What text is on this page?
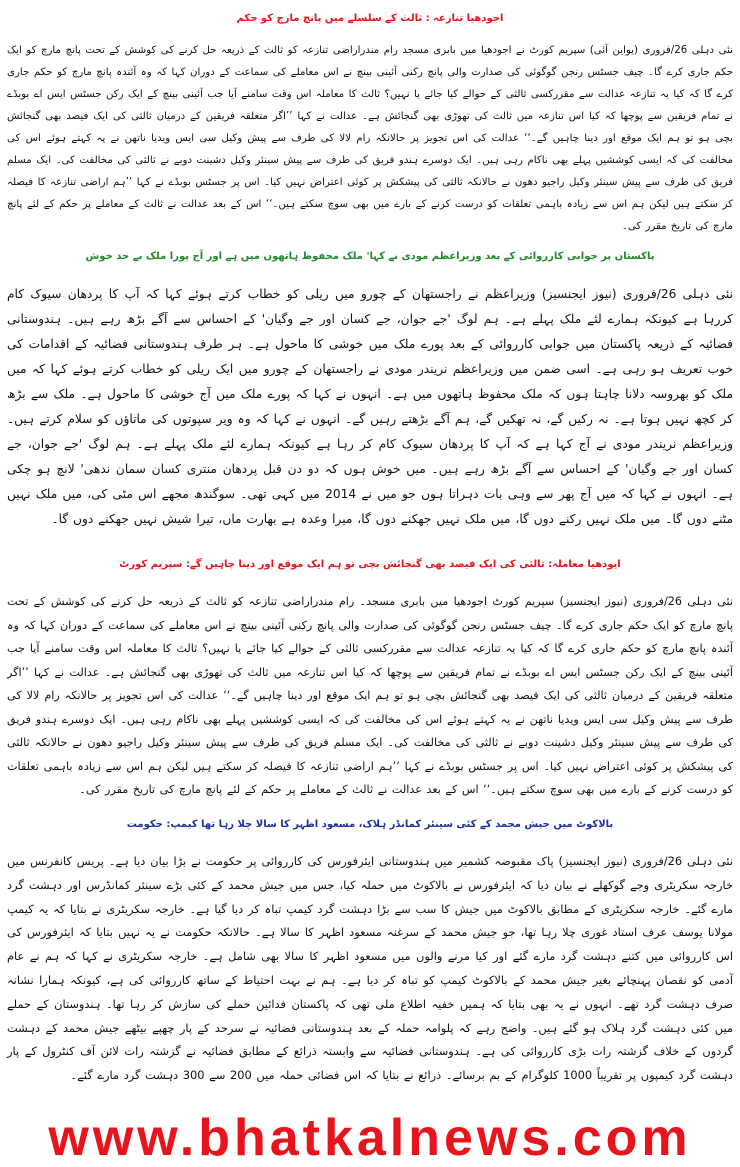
اجودھیا تنازعہ : ثالث کے سلسلے میں پانچ مارچ کو حکم

نئی دہلی 26/فروری (یواین آئی) سپریم کورٹ نے اجودھیا میں بابری مسجد رام مندراراضی تنازعہ کو ثالث کے ذریعہ حل کرنے کی کوشش کے تحت پانچ مارچ کو ایک حکم جاری کرے گا۔ چیف جسٹس رنجن گوگوئی کی صدارت والی پانچ رکنی آئینی بینچ نے اس معاملے کی سماعت کے دوران کہا کہ وہ آئندہ پانچ مارچ کو حکم جاری کرے گا کہ کیا یہ تنازعہ عدالت سے مقررکسی ثالثی کے حوالے کیا جائے یا نہیں؟ ثالث کا معاملہ اس وقت سامنے آیا جب آئینی بینچ کے ایک رکن جسٹس ایس اے بوبڈے نے تمام فریقین سے پوچھا کہ کیا اس تنازعہ میں ثالث کی تھوڑی بھی گنجائش ہے۔ عدالت نے کہا ’’اگر متعلقہ فریقین کے درمیان ثالثی کی ایک فیصد بھی گنجائش بچی ہو تو ہم ایک موقع اور دینا چاہیں گے۔‘‘ عدالت کی اس تجویز پر حالانکہ رام لالا کی طرف سے پیش وکیل سی ایس ویدیا ناتھن نے یہ کہتے ہوئے اس کی مخالفت کی کہ ایسی کوششیں پہلے بھی ناکام رہی ہیں۔ ایک دوسرے ہندو فریق کی طرف سے پیش سینئر وکیل دشینت دوبے نے ثالثی کی مخالفت کی۔ ایک مسلم فریق کی طرف سے پیش سینئر وکیل راجیو دھون نے حالانکہ ثالثی کی پیشکش پر کوئی اعتراض نہیں کیا۔ اس پر جسٹس بوبڈے نے کہا ’’ہم اراضی تنازعہ کا فیصلہ کر سکتے ہیں لیکن ہم اس سے زیادہ باہمی تعلقات کو درست کرنے کے بارے میں بھی سوچ سکتے ہیں۔‘‘ اس کے بعد عدالت نے ثالث کے معاملے پر حکم کے لئے پانچ مارچ کی تاریخ مقرر کی۔

پاکستان پر جوابی کارروائی کے بعد وزیراعظم مودی نے کہا' ملک محفوظ ہاتھوں میں ہے اور آج پورا ملک بے حد خوش

نئی دہلی 26/فروری (نیوز ایجنسیز) وزیراعظم نے راجستھان کے چورو میں ریلی کو خطاب کرتے ہوئے کہا کہ آپ کا پردھان سیوک کام کررہا ہے کیونکہ ہمارے لئے ملک پہلے ہے۔ ہم لوگ 'جے جوان، جے کسان اور جے وگیان' کے احساس سے آگے بڑھ رہے ہیں۔ ہندوستانی فضائیہ کے ذریعہ پاکستان میں جوابی کارروائی کے بعد پورے ملک میں خوشی کا ماحول ہے۔ ہر طرف ہندوستانی فضائیہ کے اقدامات کی خوب تعریف ہو رہی ہے۔ اسی ضمن میں وزیراعظم نریندر مودی نے راجستھان کے چورو میں ایک ریلی کو خطاب کرتے ہوئے کہا کہ میں ملک کو بھروسہ دلانا چاہتا ہوں کہ ملک محفوظ ہاتھوں میں ہے۔ انہوں نے کہا کہ پورے ملک میں آج خوشی کا ماحول ہے۔ ملک سے بڑھ کر کچھ نہیں ہوتا ہے۔ نہ رکیں گے، نہ تھکیں گے، ہم آگے بڑھتے رہیں گے۔ انہوں نے کہا کہ وہ ویر سپوتوں کی ماتاؤں کو سلام کرتے ہیں۔ وزیراعظم نریندر مودی نے آج کہا ہے کہ آپ کا پردھان سیوک کام کر رہا ہے کیونکہ ہمارے لئے ملک پہلے ہے۔ ہم لوگ 'جے جوان، جے کسان اور جے وگیان' کے احساس سے آگے بڑھ رہے ہیں۔ میں خوش ہوں کہ دو دن قبل پردھان منتری کسان سمان ندھی' لانچ ہو چکی ہے۔ انہوں نے کہا کہ میں آج پھر سے وہی بات دہراتا ہوں جو میں نے 2014 میں کہی تھی۔ سوگندھ مجھے اس مٹی کی، میں ملک نہیں مٹنے دوں گا۔ میں ملک نہیں رکنے دوں گا، میں ملک نہیں جھکنے دوں گا، میرا وعدہ ہے بھارت ماں، تیرا شیش نہیں جھکنے دوں گا۔

ایودھیا معاملہ: ثالثی کی ایک فیصد بھی گنجائش بچی تو ہم ایک موقع اور دینا چاہیں گے: سپریم کورٹ

نئی دہلی 26/فروری (نیوز ایجنسیز) سپریم کورٹ اجودھیا میں بابری مسجد۔ رام مندراراضی تنازعہ کو ثالث کے ذریعہ حل کرنے کی کوشش کے تحت پانچ مارچ کو ایک حکم جاری کرے گا۔ چیف جسٹس رنجن گوگوئی کی صدارت والی پانچ رکنی آئینی بینچ نے اس معاملے کی سماعت کے دوران کہا کہ وہ آئندہ پانچ مارچ کو حکم جاری کرے گا کہ کیا یہ تنازعہ عدالت سے مقررکسی ثالثی کے حوالے کیا جائے یا نہیں؟ ثالث کا معاملہ اس وقت سامنے آیا جب آئینی بینچ کے ایک رکن جسٹس ایس اے بوبڈے نے تمام فریقین سے پوچھا کہ کیا اس تنازعہ میں ثالث کی تھوڑی بھی گنجائش ہے۔ عدالت نے کہا ’’اگر متعلقہ فریقین کے درمیان ثالثی کی ایک فیصد بھی گنجائش بچی ہو تو ہم ایک موقع اور دینا چاہیں گے۔‘‘ عدالت کی اس تجویز پر حالانکہ رام لالا کی طرف سے پیش وکیل سی ایس ویدیا ناتھن نے یہ کہتے ہوئے اس کی مخالفت کی کہ ایسی کوششیں پہلے بھی ناکام رہی ہیں۔ ایک دوسرے ہندو فریق کی طرف سے پیش سینئر وکیل دشینت دوبے نے ثالثی کی مخالفت کی۔ ایک مسلم فریق کی طرف سے پیش سینئر وکیل راجیو دھون نے حالانکہ ثالثی کی پیشکش پر کوئی اعتراض نہیں کیا۔ اس پر جسٹس بوبڈے نے کہا ’’ہم اراضی تنازعہ کا فیصلہ کر سکتے ہیں لیکن ہم اس سے زیادہ باہمی تعلقات کو درست کرنے کے بارے میں بھی سوچ سکتے ہیں۔‘‘ اس کے بعد عدالت نے ثالث کے معاملے پر حکم کے لئے پانچ مارچ کی تاریخ مقرر کی۔

بالاکوٹ میں جیش محمد کے کئی سینئر کمانڈر ہلاک، مسعود اظہر کا سالا چلا رہا تھا کیمپ: حکومت

نئی دہلی 26/فروری (نیوز ایجنسیز) پاک مقبوضہ کشمیر میں ہندوستانی ایئرفورس کی کارروائی پر حکومت نے بڑا بیان دیا ہے۔ پریس کانفرنس میں خارجہ سکریٹری وجے گوکھلے نے بیان دیا کہ ایئرفورس نے بالاکوٹ میں حملہ کیا، جس میں جیش محمد کے کئی بڑے سینئر کمانڈرس اور دہشت گرد مارے گئے۔ خارجہ سکریٹری کے مطابق بالاکوٹ میں جیش کا سب سے بڑا دہشت گرد کیمپ تباہ کر دیا گیا ہے۔ خارجہ سکریٹری نے بتایا کہ یہ کیمپ مولانا یوسف عرف استاد غوری چلا رہا تھا، جو جیش محمد کے سرغنہ مسعود اظہر کا سالا ہے۔ حالانکہ حکومت نے یہ نہیں بتایا کہ ایئرفورس کی اس کارروائی میں کتنے دہشت گرد مارے گئے اور کیا مرنے والوں میں مسعود اظہر کا سالا بھی شامل ہے۔ خارجہ سکریٹری نے کہا کہ ہم نے عام آدمی کو نقصان پہنچائے بغیر جیش محمد کے بالاکوٹ کیمپ کو تباہ کر دیا ہے۔ ہم نے بہت احتیاط کے ساتھ کارروائی کی ہے، کیونکہ ہمارا نشانہ صرف دہشت گرد تھے۔ انہوں نے یہ بھی بتایا کہ ہمیں خفیہ اطلاع ملی تھی کہ پاکستان فدائین حملے کی سازش کر رہا تھا۔ ہندوستان کے حملے میں کئی دہشت گرد ہلاک ہو گئے ہیں۔ واضح رہے کہ پلوامہ حملہ کے بعد ہندوستانی فضائیہ نے سرحد کے پار چھپے بیٹھے جیش محمد کے دہشت گردوں کے خلاف گزشتہ رات بڑی کارروائی کی ہے۔ ہندوستانی فضائیہ سے وابستہ ذرائع کے مطابق فضائیہ نے گزشتہ رات لائن آف کنٹرول کے پار دہشت گرد کیمپوں پر تقریباً 1000 کلوگرام کے بم برسائے۔ ذرائع نے بتایا کہ اس فضائی حملہ میں 200 سے 300 دہشت گرد مارے گئے۔

www.bhatkalnews.com
